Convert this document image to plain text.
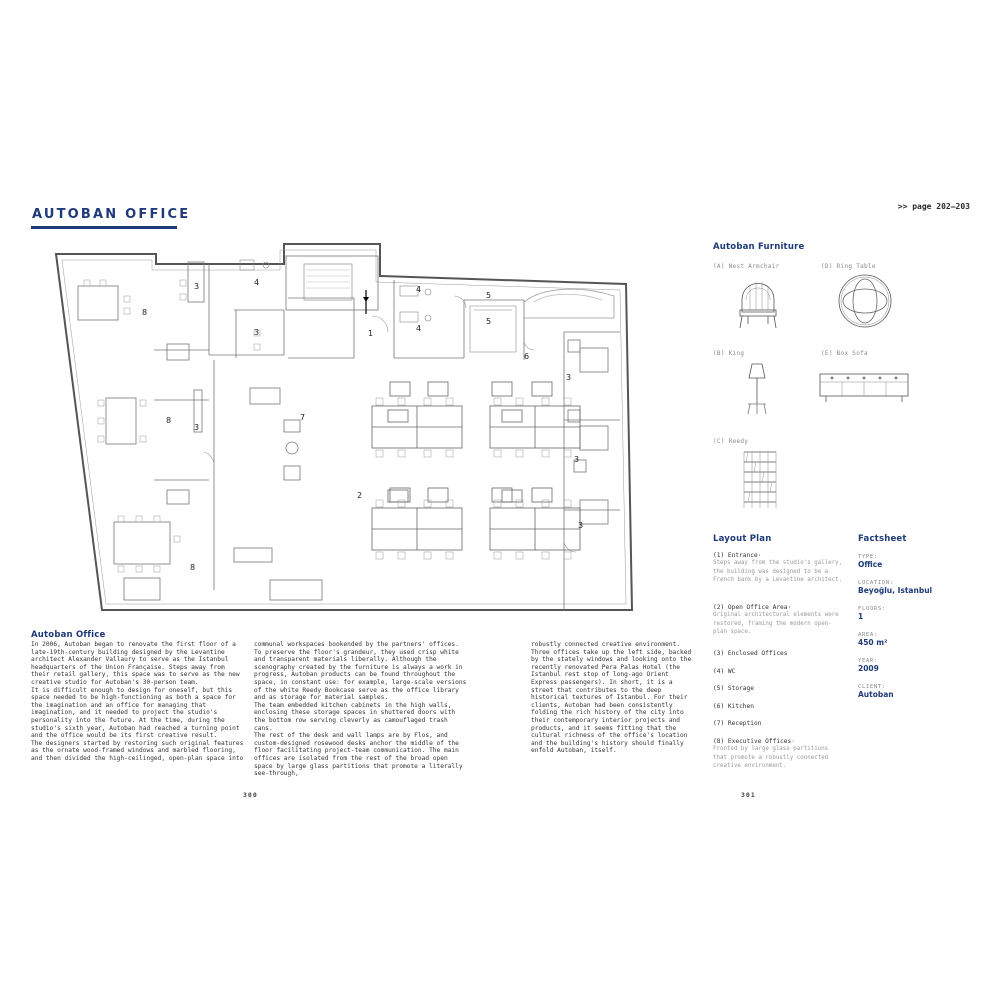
AUTOBAN OFFICE
>> page 202–203
1
2
3
3
3
3
3
3
4
4
4
5
5
6
7
8
8
8
Autoban Office

In 2006, Autoban began to renovate the first floor of a late-19th-century building designed by the Levantine architect Alexander Vallaury to serve as the Istanbul headquarters of the Union Française. Steps away from their retail gallery, this space was to serve as the new creative studio for Autoban's 30-person team.

It is difficult enough to design for oneself, but this space needed to be high-functioning as both a space for the imagination and an office for managing that imagination, and it needed to project the studio's personality into the future. At the time, during the studio's sixth year, Autoban had reached a turning point and the office would be its first creative result.

The designers started by restoring such original features as the ornate wood-framed windows and marbled flooring, and then divided the high-ceilinged, open-plan space into

communal workspaces bookended by the partners' offices. To preserve the floor's grandeur, they used crisp white and transparent materials liberally. Although the scenography created by the furniture is always a work in progress, Autoban products can be found throughout the space, in constant use: for example, large-scale versions of the white Reedy Bookcase serve as the office library and as storage for material samples.

The team embedded kitchen cabinets in the high walls, enclosing these storage spaces in shuttered doors with the bottom row serving cleverly as camouflaged trash cans.

The rest of the desk and wall lamps are by Flos, and custom-designed rosewood desks anchor the middle of the floor facilitating project-team communication. The main offices are isolated from the rest of the broad open space by large glass partitions that promote a literally see-through,

robustly connected creative environment.

Three offices take up the left side, backed by the stately windows and looking onto the recently renovated Pera Palas Hotel (the Istanbul rest stop of long-ago Orient Express passengers). In short, it is a street that contributes to the deep historical textures of Istanbul. For their clients, Autoban had been consistently folding the rich history of the city into their contemporary interior projects and products, and it seems fitting that the cultural richness of the office's location and the building's history should finally enfold Autoban, itself.

300	301
Autoban Furniture
(A) Nest Armchair	(D) Ring Table
(B) King	(E) Box Sofa
(C) Reedy
Layout Plan
(1) Entrance·
Steps away from the studio's gallery, the building was designed to be a French bank by a Levantine architect.
(2) Open Office Area·
Original architectural elements were restored, framing the modern open-plan space.
(3) Enclosed Offices
(4) WC
(5) Storage
(6) Kitchen
(7) Reception
(8) Executive Offices·
Fronted by large glass partitions that promote a robustly connected creative environment.
Factsheet
TYPE:
Office
LOCATION:
Beyoğlu, Istanbul
FLOORS:
1
AREA:
450 m²
YEAR:
2009
CLIENT:
Autoban
